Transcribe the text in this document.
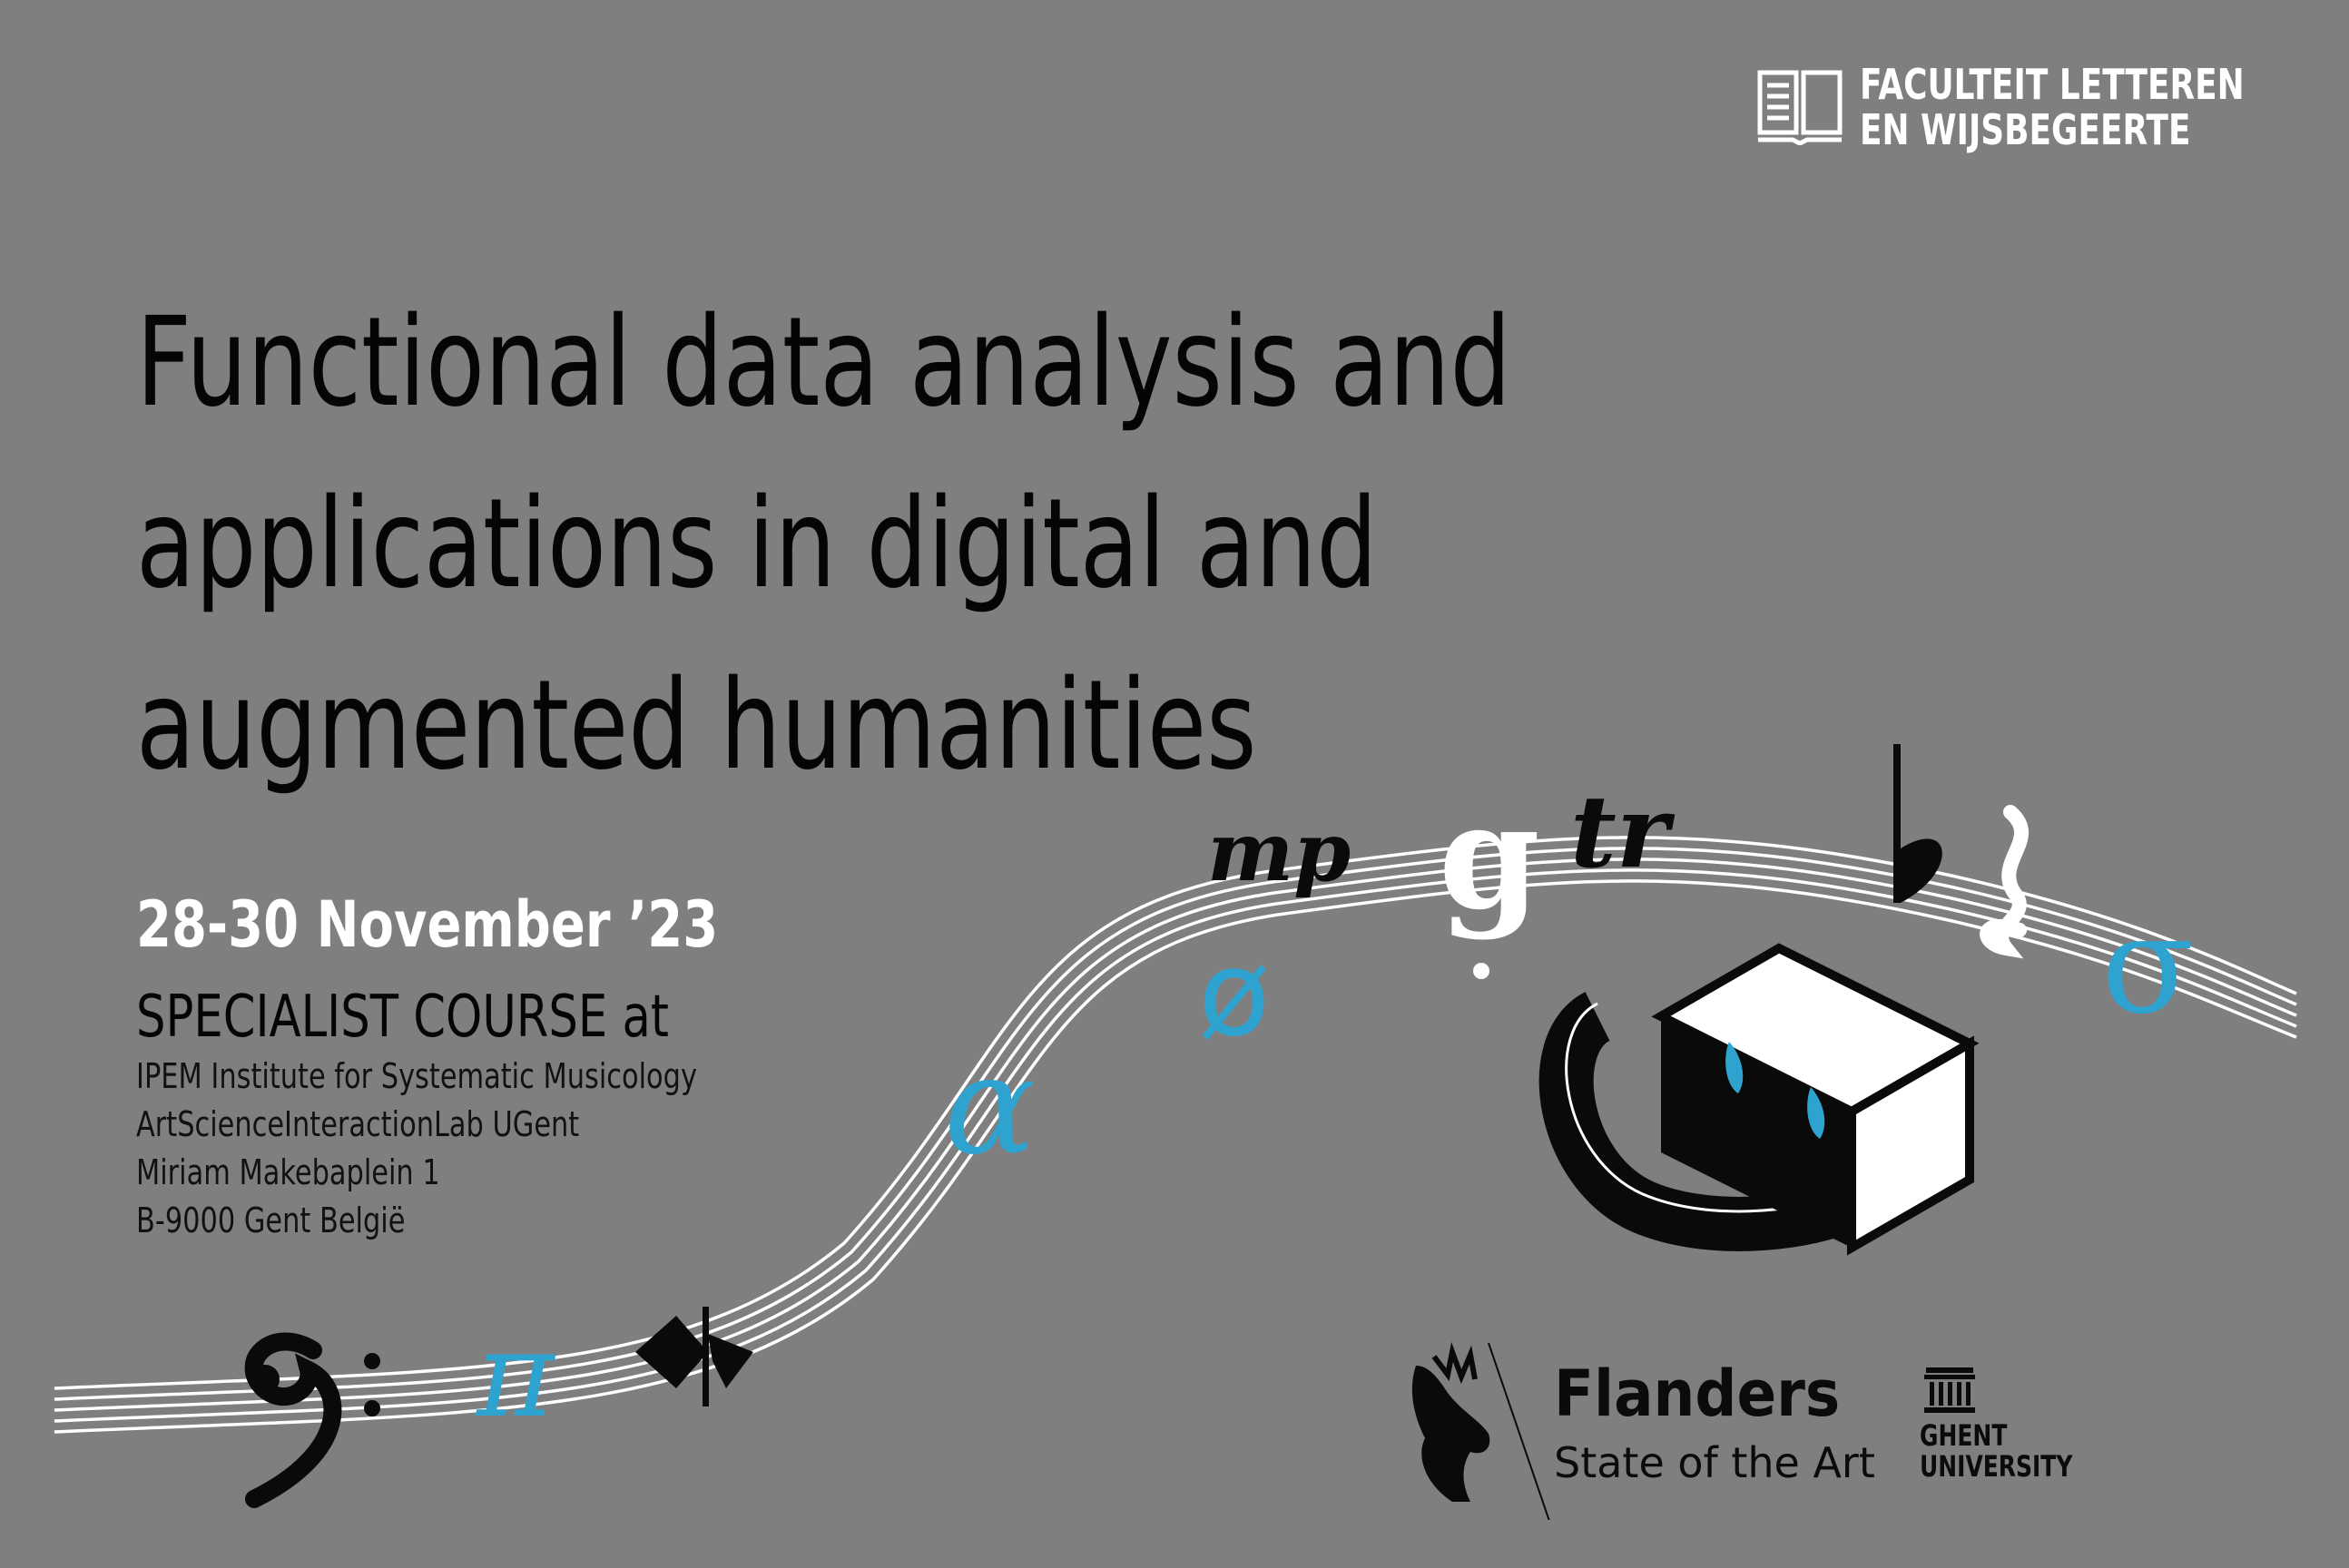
FACULTEIT LETTEREN
EN WIJSBEGEERTE
Functional data analysis and
applications in digital and
augmented humanities
28-30 November ’23
SPECIALIST COURSE at
IPEM Institute for Systematic Musicology
ArtScienceInteractionLab UGent
Miriam Makebaplein 1
B-9000 Gent België
π
α
ø
mp g tr
σ
Flanders
State of the Art
GHENT
UNIVERSITY
